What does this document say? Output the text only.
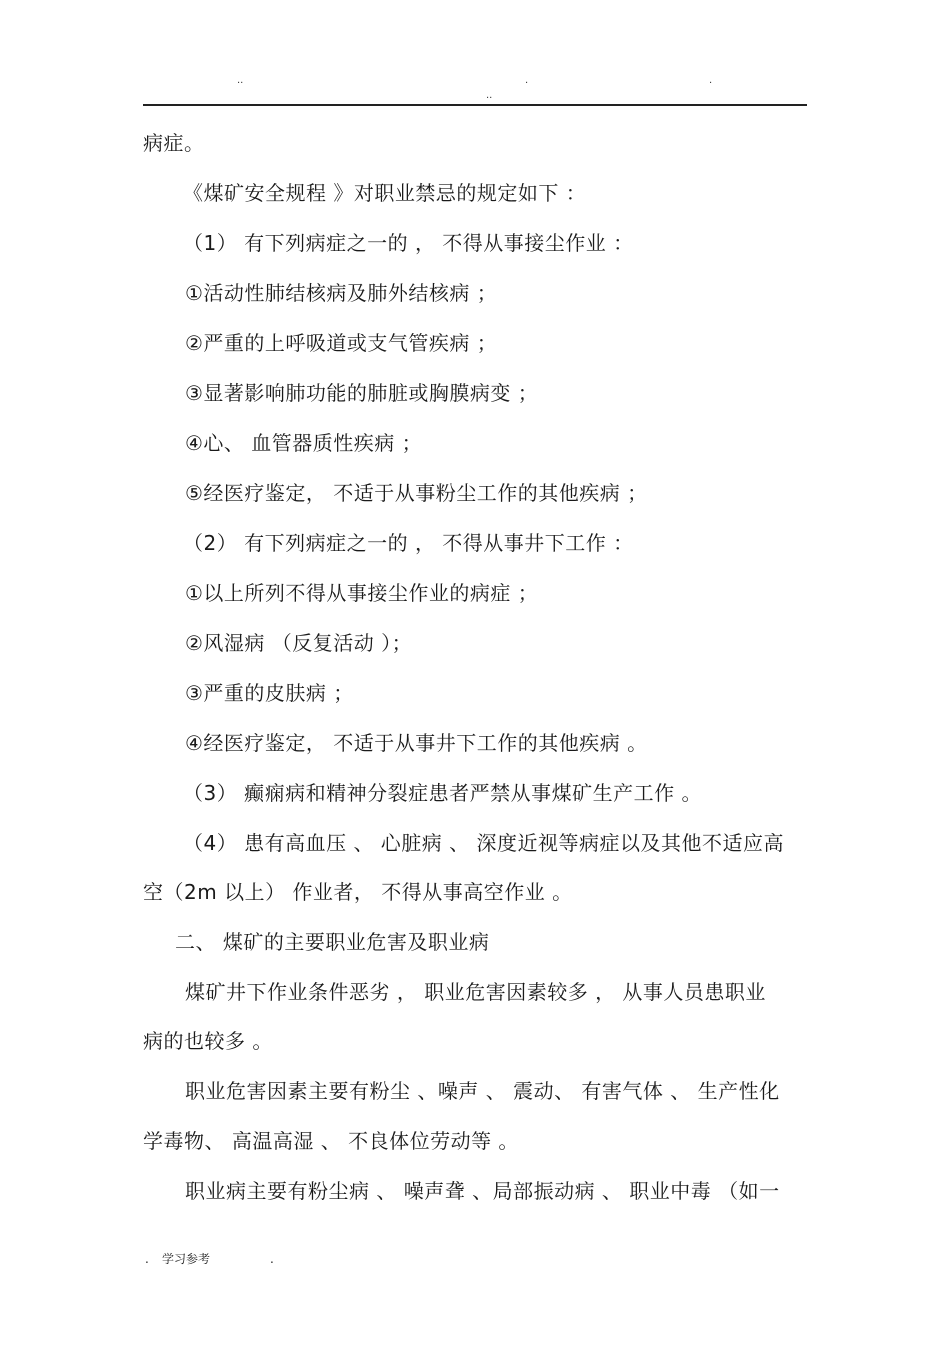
..	.	.
..
病症。
《煤矿安全规程 》对职业禁忌的规定如下 ：
（1） 有下列病症之一的 ， 不得从事接尘作业 ：
①活动性肺结核病及肺外结核病 ；
②严重的上呼吸道或支气管疾病 ；
③显著影响肺功能的肺脏或胸膜病变 ；
④心、 血管器质性疾病 ；
⑤经医疗鉴定， 不适于从事粉尘工作的其他疾病 ；
（2） 有下列病症之一的 ， 不得从事井下工作 ：
①以上所列不得从事接尘作业的病症 ；
②风湿病 （反复活动 ）；
③严重的皮肤病 ；
④经医疗鉴定， 不适于从事井下工作的其他疾病 。
（3） 癫痫病和精神分裂症患者严禁从事煤矿生产工作 。
（4） 患有高血压 、 心脏病 、 深度近视等病症以及其他不适应高
空（2m 以上） 作业者， 不得从事高空作业 。
二、 煤矿的主要职业危害及职业病
煤矿井下作业条件恶劣 ， 职业危害因素较多 ， 从事人员患职业
病的也较多 。
职业危害因素主要有粉尘 、噪声 、 震动、 有害气体 、 生产性化
学毒物、 高温高湿 、 不良体位劳动等 。
职业病主要有粉尘病 、 噪声聋 、局部振动病 、 职业中毒 （如一
. 学习参考	.
